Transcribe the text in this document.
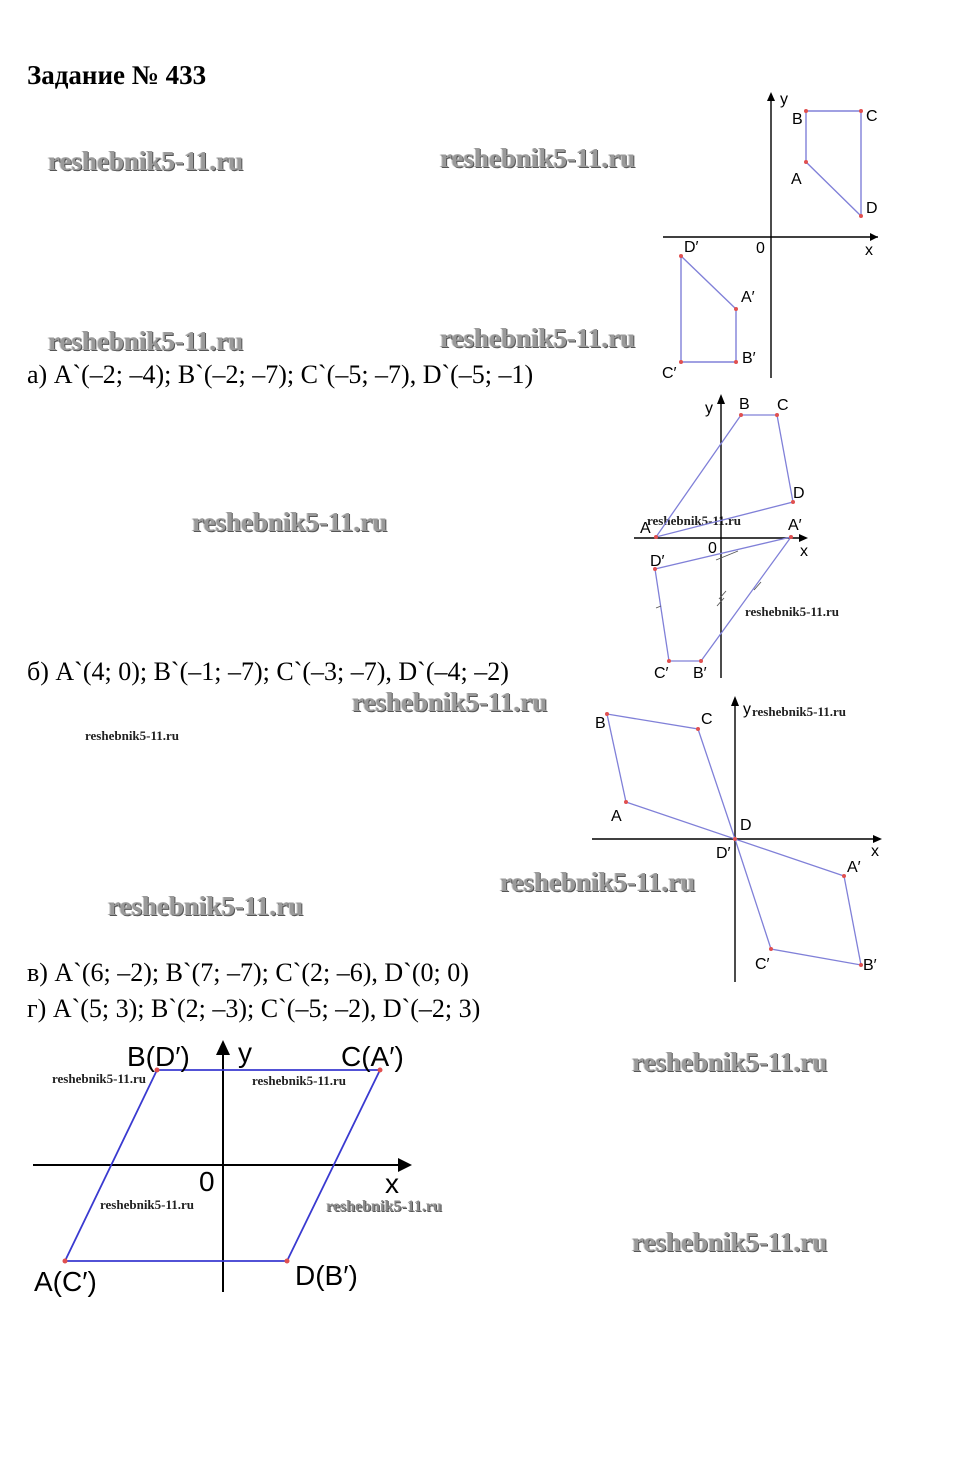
Задание № 433
а) A`(–2; –4); B`(–2; –7); C`(–5; –7), D`(–5; –1)
б) A`(4; 0); B`(–1; –7); C`(–3; –7), D`(–4; –2)
в) A`(6; –2); B`(7; –7); C`(2; –6), D`(0; 0)
г) A`(5; 3); B`(2; –3); C`(–5; –2), D`(–2; 3)
reshebnik5-11.ru	reshebnik5-11.ru
reshebnik5-11.ru	reshebnik5-11.ru
reshebnik5-11.ru
reshebnik5-11.ru
reshebnik5-11.ru
reshebnik5-11.ru
reshebnik5-11.ru
reshebnik5-11.ru
reshebnik5-11.ru
reshebnik5-11.ru
reshebnik5-11.ru
reshebnik5-11.ru
reshebnik5-11.ru	reshebnik5-11.ru
reshebnik5-11.ru	reshebnik5-11.ru
y
x
0
A
B	C
D
A′
B′
C′
D′
y
x
0
A
B C
D
A′
B′
C′
D′
y
x
A
B	C
D
A′
B′
C′
D′
y
x
0
B(D′)	C(A′)
A(C′)	D(B′)
